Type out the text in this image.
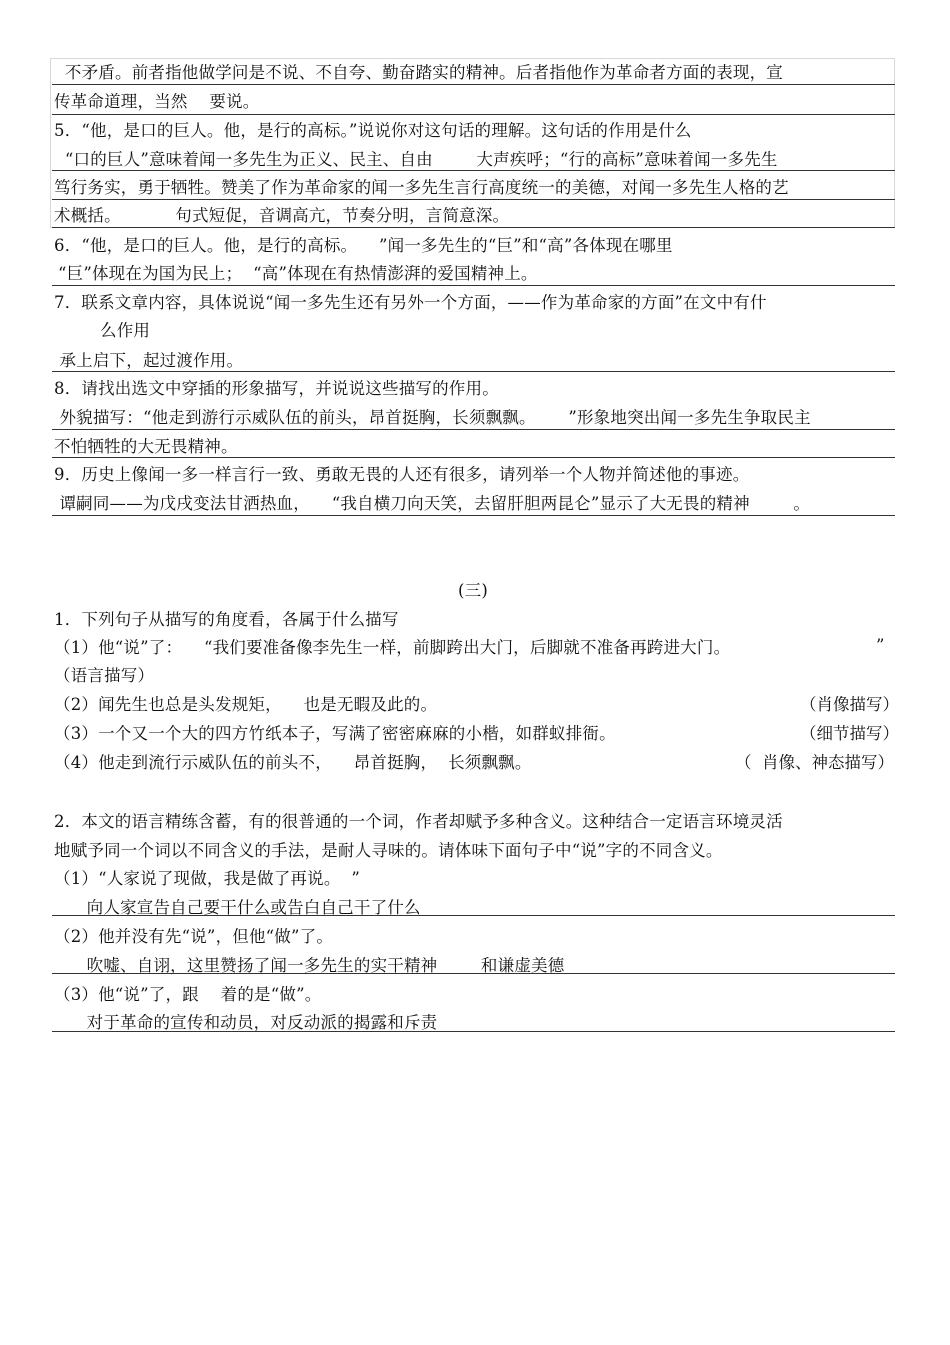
不矛盾。前者指他做学问是不说、不自夸、勤奋踏实的精神。后者指他作为革命者方面的表现，宣
传革命道理，当然    要说。
5．“他，是口的巨人。他，是行的高标。”说说你对这句话的理解。这句话的作用是什么
“口的巨人”意味着闻一多先生为正义、民主、自由        大声疾呼；“行的高标”意味着闻一多先生
笃行务实，勇于牺牲。赞美了作为革命家的闻一多先生言行高度统一的美德，对闻一多先生人格的艺
术概括。          句式短促，音调高亢，节奏分明，言简意深。
6．“他，是口的巨人。他，是行的高标。    ”闻一多先生的“巨”和“高”各体现在哪里
“巨”体现在为国为民上；  “高”体现在有热情澎湃的爱国精神上。
7．联系文章内容，具体说说“闻一多先生还有另外一个方面，——作为革命家的方面”在文中有什
么作用
承上启下，起过渡作用。
8．请找出选文中穿插的形象描写，并说说这些描写的作用。
外貌描写：“他走到游行示威队伍的前头，昂首挺胸，长须飘飘。      ”形象地突出闻一多先生争取民主
不怕牺牲的大无畏精神。
9．历史上像闻一多一样言行一致、勇敢无畏的人还有很多，请列举一个人物并简述他的事迹。
谭嗣同——为戊戌变法甘洒热血，    “我自横刀向天笑，去留肝胆两昆仑”显示了大无畏的精神        。
(三)
1．下列句子从描写的角度看，各属于什么描写
（1）他“说”了：    “我们要准备像李先生一样，前脚跨出大门，后脚就不准备再跨进大门。	”
（语言描写）
（2）闻先生也总是头发规矩，    也是无暇及此的。	（肖像描写）
（3）一个又一个大的四方竹纸本子，写满了密密麻麻的小楷，如群蚁排衙。	（细节描写）
（4）他走到流行示威队伍的前头不，    昂首挺胸，  长须飘飘。	（  肖像、神态描写）
2．本文的语言精练含蓄，有的很普通的一个词，作者却赋予多种含义。这种结合一定语言环境灵活
地赋予同一个词以不同含义的手法，是耐人寻味的。请体味下面句子中“说”字的不同含义。
（1）“人家说了现做，我是做了再说。  ”
向人家宣告自己要干什么或告白自己干了什么
（2）他并没有先“说”，但他“做”了。
吹嘘、自诩，这里赞扬了闻一多先生的实干精神        和谦虚美德
（3）他“说”了，跟    着的是“做”。
对于革命的宣传和动员，对反动派的揭露和斥责
